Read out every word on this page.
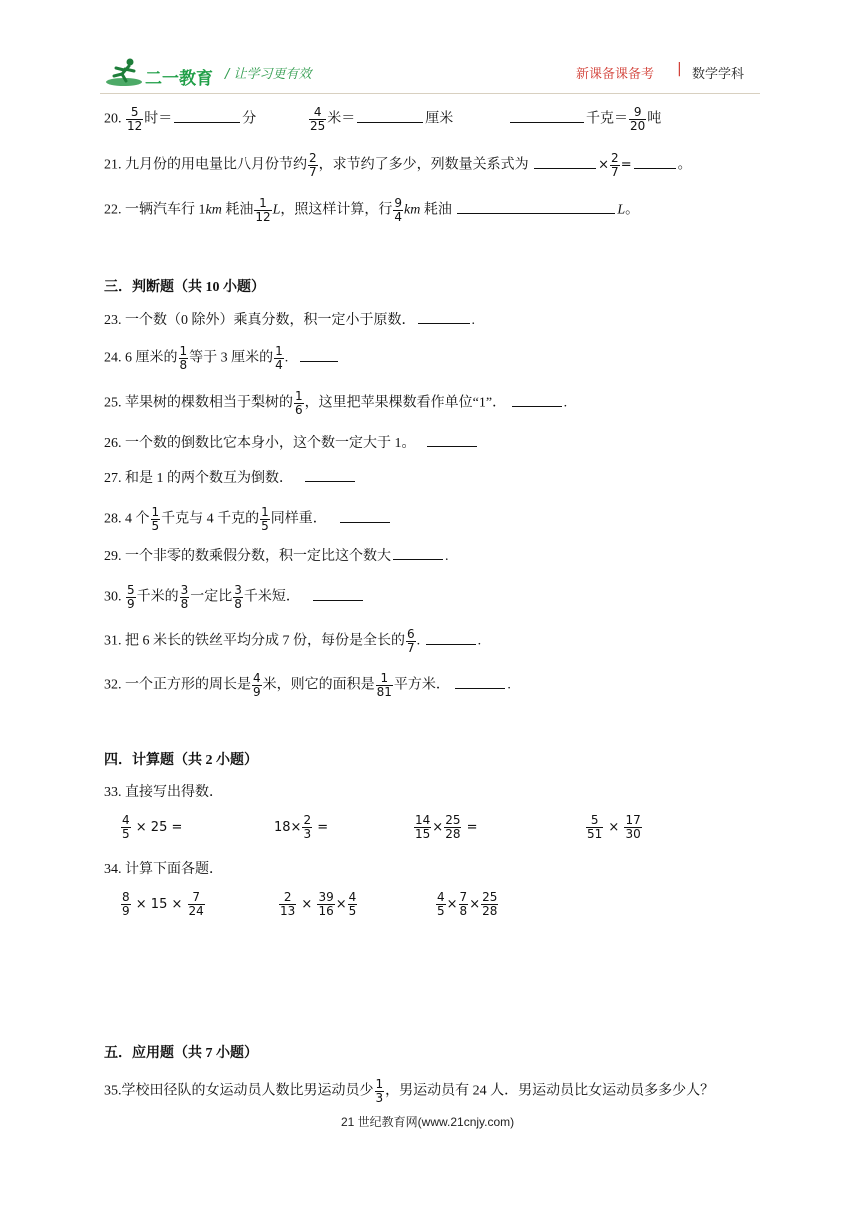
二一教育 / 让学习更有效	新课备课备考 | 数学学科
20. $\frac{5}{12}$ 时＝	分	$\frac{4}{25}$ 米＝	厘米	千克＝ $\frac{9}{20}$ 吨
21. 九月份的用电量比八月份节约 $\frac{2}{7}$ ，求节约了多少，列数量关系式为	× $\frac{2}{7}$ =	。
22. 一辆汽车行 1km 耗油 $\frac{1}{12}$ L，照这样计算，行 $\frac{9}{4}$ km 耗油	L。
三．判断题（共 10 小题）
23. 一个数（0 除外）乘真分数，积一定小于原数．	.
24. 6 厘米的 $\frac{1}{8}$ 等于 3 厘米的 $\frac{1}{4}$ .
25. 苹果树的棵数相当于梨树的 $\frac{1}{6}$ ，这里把苹果棵数看作单位“1”．	.
26. 一个数的倒数比它本身小，这个数一定大于 1。
27. 和是 1 的两个数互为倒数．
28. 4 个 $\frac{1}{5}$ 千克与 4 千克的 $\frac{1}{5}$ 同样重．
29. 一个非零的数乘假分数，积一定比这个数大	.
30. $\frac{5}{9}$ 千米的 $\frac{3}{8}$ 一定比 $\frac{3}{8}$ 千米短．
31. 把 6 米长的铁丝平均分成 7 份，每份是全长的 $\frac{6}{7}$ .	.
32. 一个正方形的周长是 $\frac{4}{9}$ 米，则它的面积是 $\frac{1}{81}$ 平方米．	.
四．计算题（共 2 小题）
33. 直接写出得数．
$\frac{4}{5} \times 25$ =	$18\times \frac{2}{3}$ =	$\frac{14}{15} \times \frac{25}{28}$ =	$\frac{5}{51} \times \frac{17}{30}$
34. 计算下面各题．
$\frac{8}{9} \times 15 \times \frac{7}{24}$	$\frac{2}{13} \times \frac{39}{16} \times \frac{4}{5}$	$\frac{4}{5} \times \frac{7}{8} \times \frac{25}{28}$
五．应用题（共 7 小题）
35.学校田径队的女运动员人数比男运动员少 $\frac{1}{3}$ ，男运动员有 24 人．男运动员比女运动员多多少人？
21 世纪教育网(www.21cnjy.com)
